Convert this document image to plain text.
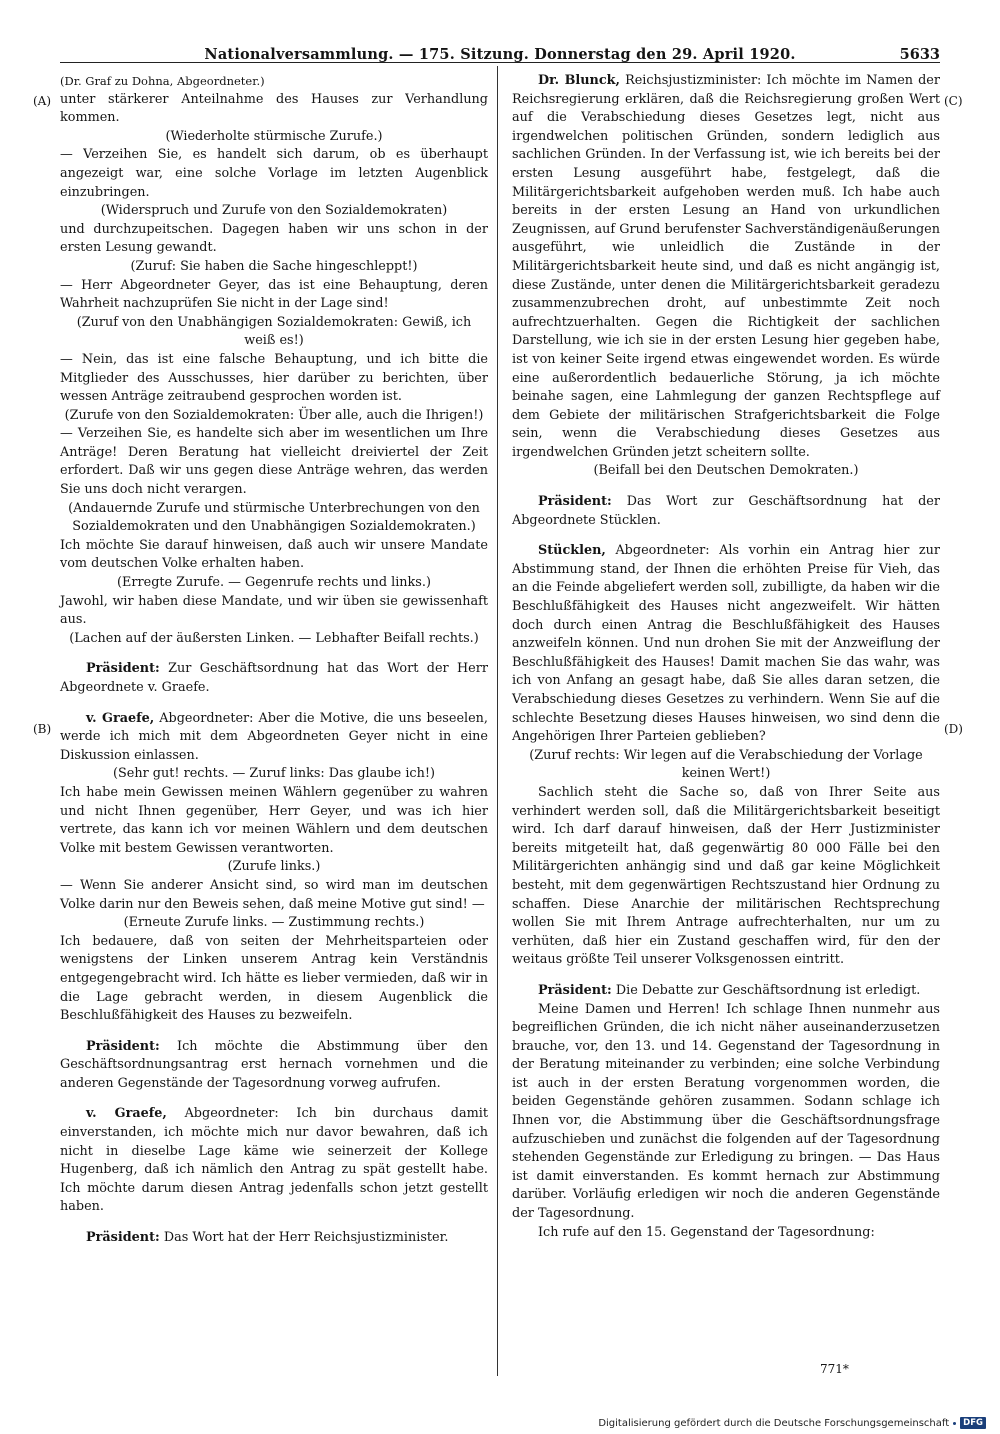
Nationalversammlung. — 175. Sitzung. Donnerstag den 29. April 1920.	5633
(A)
(B)
(C)
(D)

(Dr. Graf zu Dohna, Abgeordneter.)

unter stärkerer Anteilnahme des Hauses zur Verhandlung kommen.

(Wiederholte stürmische Zurufe.)

— Verzeihen Sie, es handelt sich darum, ob es überhaupt angezeigt war, eine solche Vorlage im letzten Augenblick einzubringen.

(Widerspruch und Zurufe von den Sozialdemokraten)

und durchzupeitschen. Dagegen haben wir uns schon in der ersten Lesung gewandt.

(Zuruf: Sie haben die Sache hingeschleppt!)

— Herr Abgeordneter Geyer, das ist eine Behauptung, deren Wahrheit nachzuprüfen Sie nicht in der Lage sind!

(Zuruf von den Unabhängigen Sozialdemokraten: Gewiß, ich weiß es!)

— Nein, das ist eine falsche Behauptung, und ich bitte die Mitglieder des Ausschusses, hier darüber zu berichten, über wessen Anträge zeitraubend gesprochen worden ist.

(Zurufe von den Sozialdemokraten: Über alle, auch die Ihrigen!)

— Verzeihen Sie, es handelte sich aber im wesentlichen um Ihre Anträge! Deren Beratung hat vielleicht dreiviertel der Zeit erfordert. Daß wir uns gegen diese Anträge wehren, das werden Sie uns doch nicht verargen.

(Andauernde Zurufe und stürmische Unterbrechungen von den Sozialdemokraten und den Unabhängigen Sozialdemokraten.)

Ich möchte Sie darauf hinweisen, daß auch wir unsere Mandate vom deutschen Volke erhalten haben.

(Erregte Zurufe. — Gegenrufe rechts und links.)

Jawohl, wir haben diese Mandate, und wir üben sie gewissenhaft aus.

(Lachen auf der äußersten Linken. — Lebhafter Beifall rechts.)

Präsident: Zur Geschäftsordnung hat das Wort der Herr Abgeordnete v. Graefe.

v. Graefe, Abgeordneter: Aber die Motive, die uns beseelen, werde ich mich mit dem Abgeordneten Geyer nicht in eine Diskussion einlassen.

(Sehr gut! rechts. — Zuruf links: Das glaube ich!)

Ich habe mein Gewissen meinen Wählern gegenüber zu wahren und nicht Ihnen gegenüber, Herr Geyer, und was ich hier vertrete, das kann ich vor meinen Wählern und dem deutschen Volke mit bestem Gewissen verantworten.

(Zurufe links.)

— Wenn Sie anderer Ansicht sind, so wird man im deutschen Volke darin nur den Beweis sehen, daß meine Motive gut sind! —

(Erneute Zurufe links. — Zustimmung rechts.)

Ich bedauere, daß von seiten der Mehrheitsparteien oder wenigstens der Linken unserem Antrag kein Verständnis entgegengebracht wird. Ich hätte es lieber vermieden, daß wir in die Lage gebracht werden, in diesem Augenblick die Beschlußfähigkeit des Hauses zu bezweifeln.

Präsident: Ich möchte die Abstimmung über den Geschäftsordnungsantrag erst hernach vornehmen und die anderen Gegenstände der Tagesordnung vorweg aufrufen.

v. Graefe, Abgeordneter: Ich bin durchaus damit einverstanden, ich möchte mich nur davor bewahren, daß ich nicht in dieselbe Lage käme wie seinerzeit der Kollege Hugenberg, daß ich nämlich den Antrag zu spät gestellt habe. Ich möchte darum diesen Antrag jedenfalls schon jetzt gestellt haben.

Präsident: Das Wort hat der Herr Reichsjustizminister.

Dr. Blunck, Reichsjustizminister: Ich möchte im Namen der Reichsregierung erklären, daß die Reichsregierung großen Wert auf die Verabschiedung dieses Gesetzes legt, nicht aus irgendwelchen politischen Gründen, sondern lediglich aus sachlichen Gründen. In der Verfassung ist, wie ich bereits bei der ersten Lesung ausgeführt habe, festgelegt, daß die Militärgerichtsbarkeit aufgehoben werden muß. Ich habe auch bereits in der ersten Lesung an Hand von urkundlichen Zeugnissen, auf Grund berufenster Sachverständigenäußerungen ausgeführt, wie unleidlich die Zustände in der Militärgerichtsbarkeit heute sind, und daß es nicht angängig ist, diese Zustände, unter denen die Militärgerichtsbarkeit geradezu zusammenzubrechen droht, auf unbestimmte Zeit noch aufrechtzuerhalten. Gegen die Richtigkeit der sachlichen Darstellung, wie ich sie in der ersten Lesung hier gegeben habe, ist von keiner Seite irgend etwas eingewendet worden. Es würde eine außerordentlich bedauerliche Störung, ja ich möchte beinahe sagen, eine Lahmlegung der ganzen Rechtspflege auf dem Gebiete der militärischen Strafgerichtsbarkeit die Folge sein, wenn die Verabschiedung dieses Gesetzes aus irgendwelchen Gründen jetzt scheitern sollte.

(Beifall bei den Deutschen Demokraten.)

Präsident: Das Wort zur Geschäftsordnung hat der Abgeordnete Stücklen.

Stücklen, Abgeordneter: Als vorhin ein Antrag hier zur Abstimmung stand, der Ihnen die erhöhten Preise für Vieh, das an die Feinde abgeliefert werden soll, zubilligte, da haben wir die Beschlußfähigkeit des Hauses nicht angezweifelt. Wir hätten doch durch einen Antrag die Beschlußfähigkeit des Hauses anzweifeln können. Und nun drohen Sie mit der Anzweiflung der Beschlußfähigkeit des Hauses! Damit machen Sie das wahr, was ich von Anfang an gesagt habe, daß Sie alles daran setzen, die Verabschiedung dieses Gesetzes zu verhindern. Wenn Sie auf die schlechte Besetzung dieses Hauses hinweisen, wo sind denn die Angehörigen Ihrer Parteien geblieben?

(Zuruf rechts: Wir legen auf die Verabschiedung der Vorlage keinen Wert!)

Sachlich steht die Sache so, daß von Ihrer Seite aus verhindert werden soll, daß die Militärgerichtsbarkeit beseitigt wird. Ich darf darauf hinweisen, daß der Herr Justizminister bereits mitgeteilt hat, daß gegenwärtig 80 000 Fälle bei den Militärgerichten anhängig sind und daß gar keine Möglichkeit besteht, mit dem gegenwärtigen Rechtszustand hier Ordnung zu schaffen. Diese Anarchie der militärischen Rechtsprechung wollen Sie mit Ihrem Antrage aufrechterhalten, nur um zu verhüten, daß hier ein Zustand geschaffen wird, für den der weitaus größte Teil unserer Volksgenossen eintritt.

Präsident: Die Debatte zur Geschäftsordnung ist erledigt.

Meine Damen und Herren! Ich schlage Ihnen nunmehr aus begreiflichen Gründen, die ich nicht näher auseinanderzusetzen brauche, vor, den 13. und 14. Gegenstand der Tagesordnung in der Beratung miteinander zu verbinden; eine solche Verbindung ist auch in der ersten Beratung vorgenommen worden, die beiden Gegenstände gehören zusammen. Sodann schlage ich Ihnen vor, die Abstimmung über die Geschäftsordnungsfrage aufzuschieben und zunächst die folgenden auf der Tagesordnung stehenden Gegenstände zur Erledigung zu bringen. — Das Haus ist damit einverstanden. Es kommt hernach zur Abstimmung darüber. Vorläufig erledigen wir noch die anderen Gegenstände der Tagesordnung.

Ich rufe auf den 15. Gegenstand der Tagesordnung:

771*
Digitalisierung gefördert durch die Deutsche Forschungsgemeinschaft	DFG
